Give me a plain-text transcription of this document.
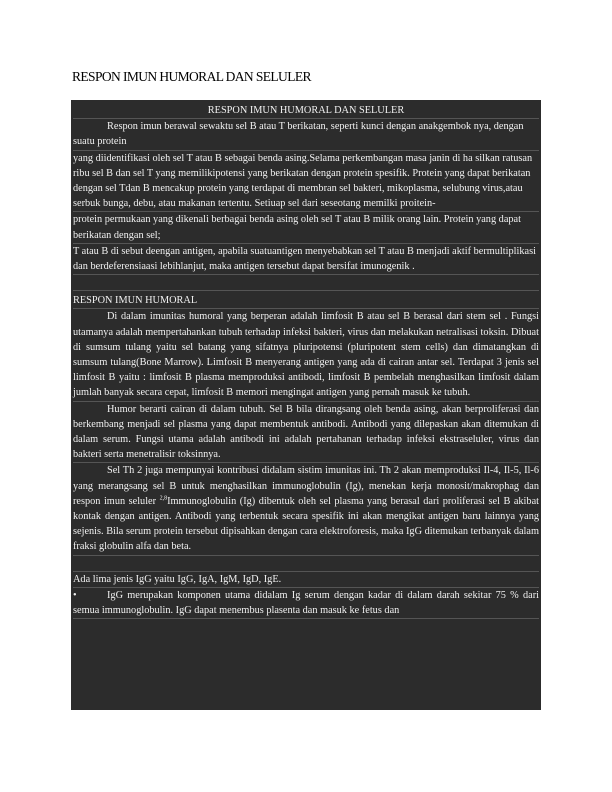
RESPON IMUN HUMORAL DAN SELULER

RESPON IMUN HUMORAL DAN SELULER

Respon imun berawal sewaktu sel B atau T berikatan, seperti kunci dengan anakgembok nya, dengan suatu protein

yang diidentifikasi oleh sel T atau B sebagai benda asing.Selama perkembangan masa janin di ha silkan ratusan ribu sel B dan sel T yang memilikipotensi yang berikatan dengan protein spesifik. Protein yang dapat berikatan dengan sel Tdan B mencakup protein yang terdapat di membran sel bakteri, mikoplasma, selubung virus,atau serbuk bunga, debu, atau makanan tertentu. Setiuap sel dari seseotang memilki proitein-

protein permukaan yang dikenali berbagai benda asing oleh sel T atau B milik orang lain. Protein yang dapat berikatan dengan sel;

T atau B di sebut deengan antigen, apabila suatuantigen menyebabkan sel T atau B menjadi aktif bermultiplikasi dan berdeferensiaasi lebihlanjut, maka antigen tersebut dapat bersifat imunogenik .

RESPON IMUN HUMORAL

Di dalam imunitas humoral yang berperan adalah limfosit B atau sel B berasal dari stem sel . Fungsi utamanya adalah mempertahankan tubuh terhadap infeksi bakteri, virus dan melakukan netralisasi toksin. Dibuat di sumsum tulang yaitu sel batang yang sifatnya pluripotensi (pluripotent stem cells) dan dimatangkan di sumsum tulang(Bone Marrow). Limfosit B menyerang antigen yang ada di cairan antar sel. Terdapat 3 jenis sel limfosit B yaitu : limfosit B plasma memproduksi antibodi, limfosit B pembelah menghasilkan limfosit dalam jumlah banyak secara cepat, limfosit B memori mengingat antigen yang pernah masuk ke tubuh.

Humor berarti cairan di dalam tubuh. Sel B bila dirangsang oleh benda asing, akan berproliferasi dan berkembang menjadi sel plasma yang dapat membentuk antibodi. Antibodi yang dilepaskan akan ditemukan di dalam serum. Fungsi utama adalah antibodi ini adalah pertahanan terhadap infeksi ekstraseluler, virus dan bakteri serta menetralisir toksinnya.

Sel Th 2 juga mempunyai kontribusi didalam sistim imunitas ini. Th 2 akan memproduksi Il-4, Il-5, Il-6 yang merangsang sel B untuk menghasilkan immunoglobulin (Ig), menekan kerja monosit/makrophag dan respon imun seluler $^{2,8}$Immunoglobulin (Ig) dibentuk oleh sel plasma yang berasal dari proliferasi sel B akibat kontak dengan antigen. Antibodi yang terbentuk secara spesifik ini akan mengikat antigen baru lainnya yang sejenis. Bila serum protein tersebut dipisahkan dengan cara elektroforesis, maka IgG ditemukan terbanyak dalam fraksi globulin alfa dan beta.

Ada lima jenis IgG yaitu IgG, IgA, IgM, IgD, IgE.

•	IgG merupakan komponen utama didalam Ig serum dengan kadar di dalam darah sekitar 75 % dari semua immunoglobulin. IgG dapat menembus plasenta dan masuk ke fetus dan
